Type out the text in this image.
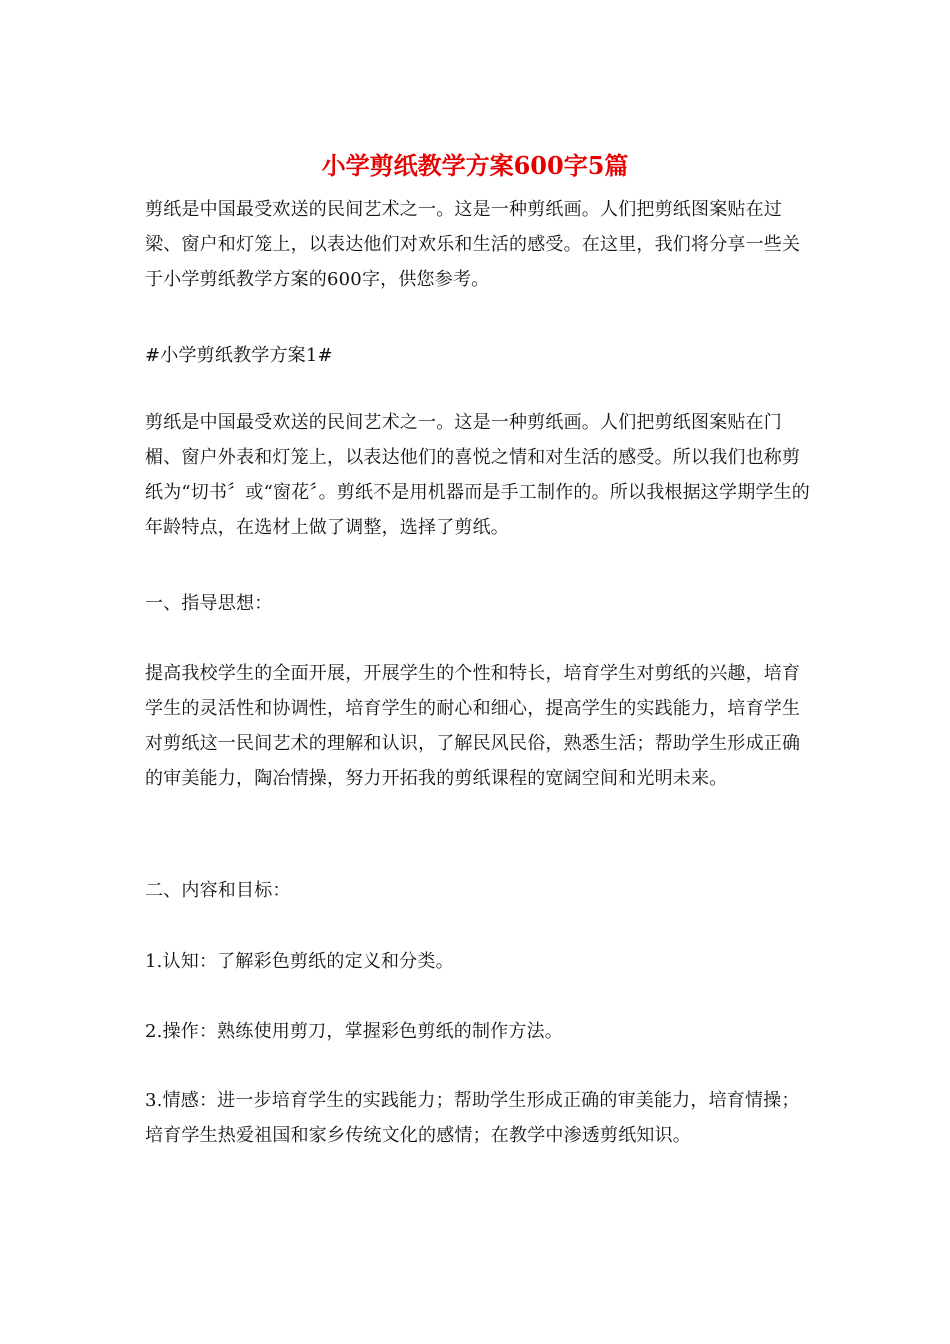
小学剪纸教学方案600字5篇

剪纸是中国最受欢送的民间艺术之一。这是一种剪纸画。人们把剪纸图案贴在过梁、窗户和灯笼上，以表达他们对欢乐和生活的感受。在这里，我们将分享一些关于小学剪纸教学方案的600字，供您参考。

#小学剪纸教学方案1#

剪纸是中国最受欢送的民间艺术之一。这是一种剪纸画。人们把剪纸图案贴在门楣、窗户外表和灯笼上，以表达他们的喜悦之情和对生活的感受。所以我们也称剪纸为“切书〞或“窗花〞。剪纸不是用机器而是手工制作的。所以我根据这学期学生的年龄特点，在选材上做了调整，选择了剪纸。

一、指导思想：

提高我校学生的全面开展，开展学生的个性和特长，培育学生对剪纸的兴趣，培育学生的灵活性和协调性，培育学生的耐心和细心，提高学生的实践能力，培育学生对剪纸这一民间艺术的理解和认识，了解民风民俗，熟悉生活；帮助学生形成正确的审美能力，陶冶情操，努力开拓我的剪纸课程的宽阔空间和光明未来。

二、内容和目标：

1.认知：了解彩色剪纸的定义和分类。

2.操作：熟练使用剪刀，掌握彩色剪纸的制作方法。

3.情感：进一步培育学生的实践能力；帮助学生形成正确的审美能力，培育情操；培育学生热爱祖国和家乡传统文化的感情；在教学中渗透剪纸知识。
